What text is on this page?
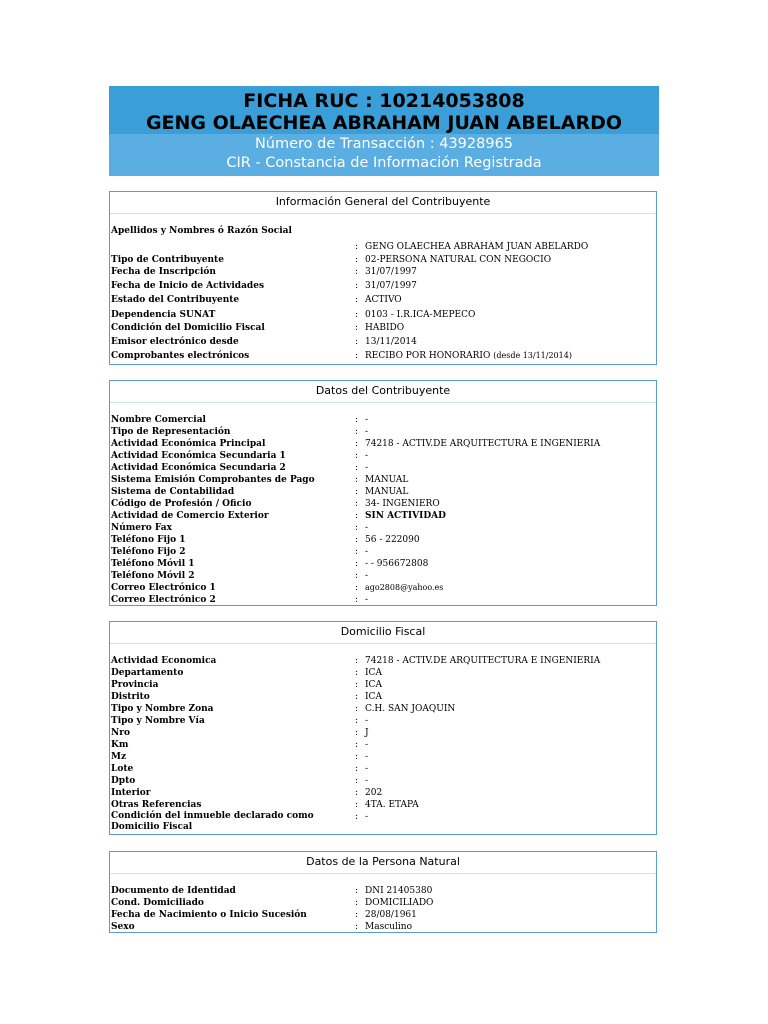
FICHA RUC : 10214053808
GENG OLAECHEA ABRAHAM JUAN ABELARDO
Número de Transacción : 43928965
CIR - Constancia de Información Registrada
Información General del Contribuyente
Apellidos y Nombres ó Razón Social
: GENG OLAECHEA ABRAHAM JUAN ABELARDO
Tipo de Contribuyente	: 02-PERSONA NATURAL CON NEGOCIO
Fecha de Inscripción	: 31/07/1997
Fecha de Inicio de Actividades	: 31/07/1997
Estado del Contribuyente	: ACTIVO
Dependencia SUNAT	: 0103 - I.R.ICA-MEPECO
Condición del Domicilio Fiscal	: HABIDO
Emisor electrónico desde	: 13/11/2014
Comprobantes electrónicos	: RECIBO POR HONORARIO (desde 13/11/2014)
Datos del Contribuyente
Nombre Comercial	: -
Tipo de Representación	: -
Actividad Económica Principal	: 74218 - ACTIV.DE ARQUITECTURA E INGENIERIA
Actividad Económica Secundaria 1	: -
Actividad Económica Secundaria 2	: -
Sistema Emisión Comprobantes de Pago	: MANUAL
Sistema de Contabilidad	: MANUAL
Código de Profesión / Oficio	: 34- INGENIERO
Actividad de Comercio Exterior	: SIN ACTIVIDAD
Número Fax	: -
Teléfono Fijo 1	: 56 - 222090
Teléfono Fijo 2	: -
Teléfono Móvil 1	: - - 956672808
Teléfono Móvil 2	: -
Correo Electrónico 1	: ago2808@yahoo.es
Correo Electrónico 2	: -
Domicilio Fiscal
Actividad Economica	: 74218 - ACTIV.DE ARQUITECTURA E INGENIERIA
Departamento	: ICA
Provincia	: ICA
Distrito	: ICA
Tipo y Nombre Zona	: C.H. SAN JOAQUIN
Tipo y Nombre Vía	: -
Nro	: J
Km	: -
Mz	: -
Lote	: -
Dpto	: -
Interior	: 202
Otras Referencias	: 4TA. ETAPA
Condición del inmueble declarado como Domicilio Fiscal
: -
Datos de la Persona Natural
Documento de Identidad	: DNI 21405380
Cond. Domiciliado	: DOMICILIADO
Fecha de Nacimiento o Inicio Sucesión	: 28/08/1961
Sexo	: Masculino
